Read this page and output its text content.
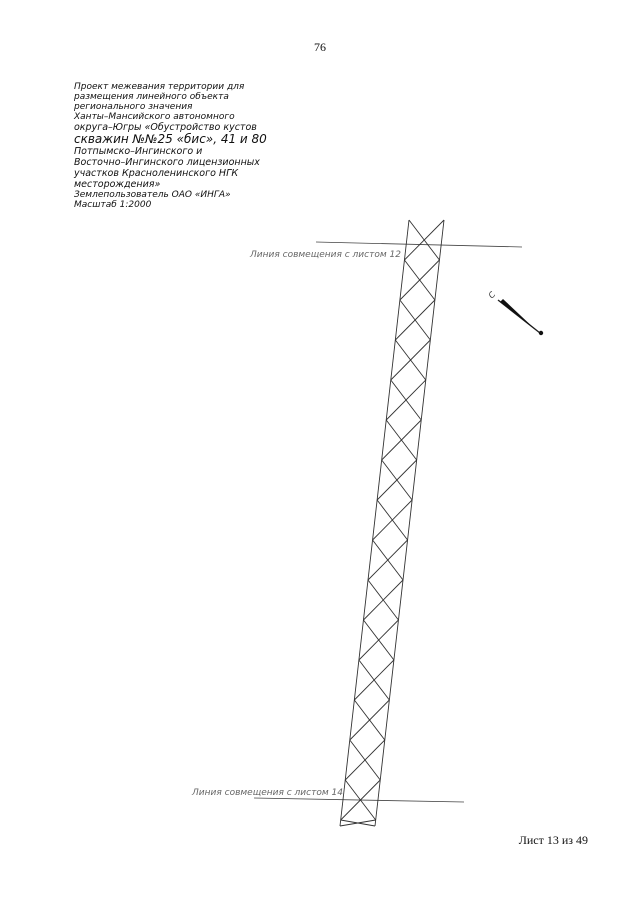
76
Проект межевания территории для
размещения линейного объекта
регионального значения
Ханты–Мансийского автономного
округа–Югры «Обустройство кустов
скважин №№25 «бис», 41 и 80
Потпымско–Ингинского и
Восточно–Ингинского лицензионных
участков Красноленинского НГК
месторождения»
Землепользователь ОАО «ИНГА»
Масштаб 1:2000
Линия совмещения с листом 12
Линия совмещения с листом 14
С
Лист 13 из 49
